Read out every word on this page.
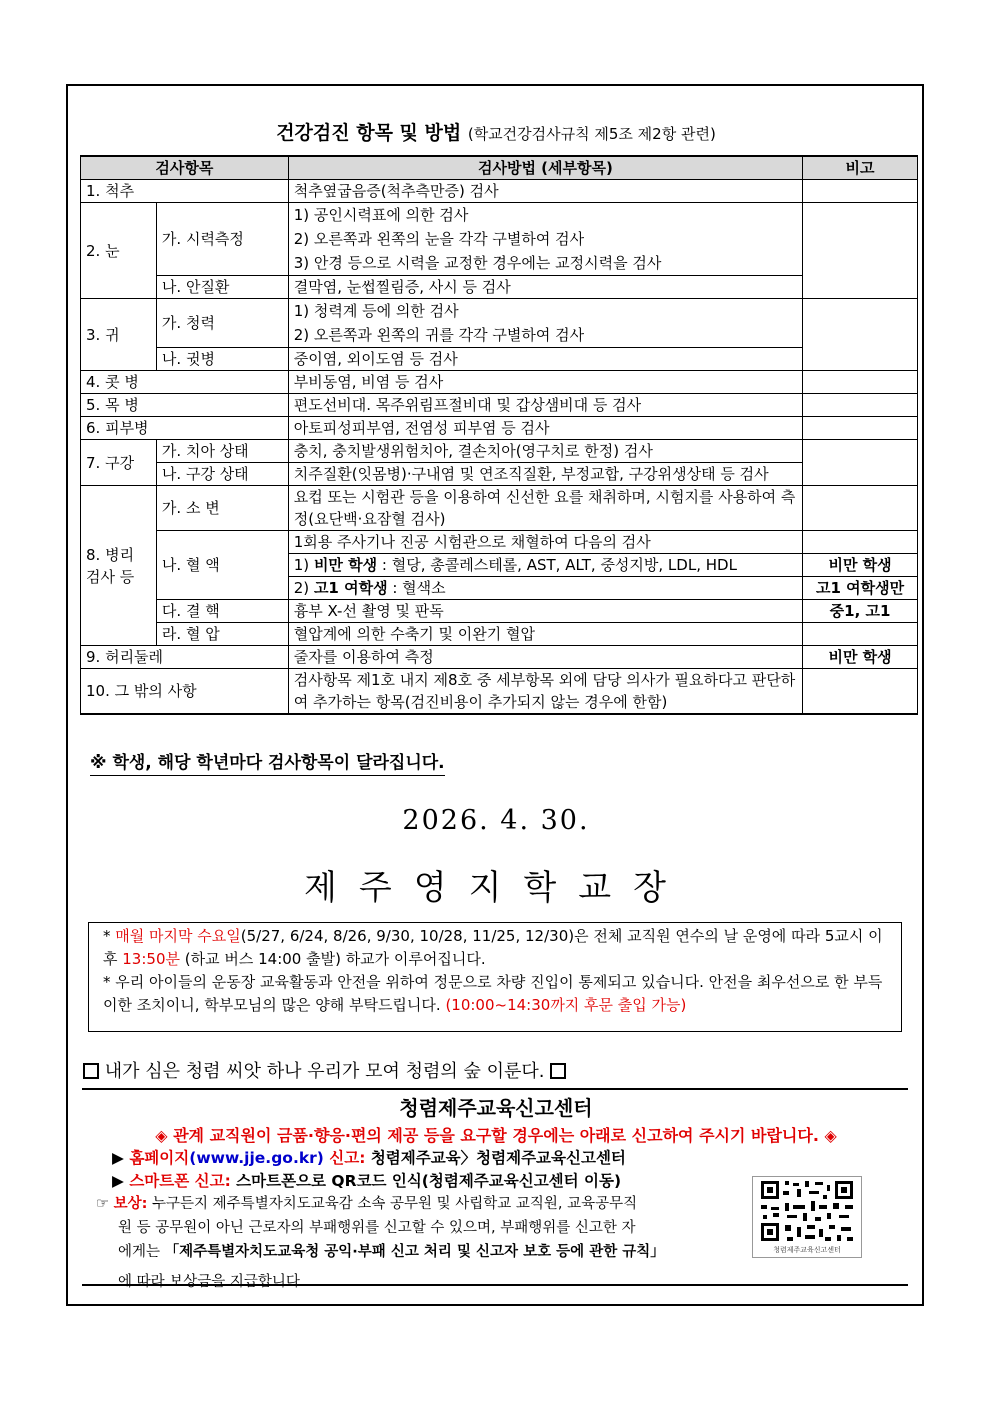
건강검진 항목 및 방법 (학교건강검사규칙 제5조 제2항 관련)
검사항목		검사방법 (세부항목)	비고
1. 척추		척추옆굽음증(척추측만증) 검사	
2. 눈	가. 시력측정	1) 공인시력표에 의한 검사
2) 오른쪽과 왼쪽의 눈을 각각 구별하여 검사
3) 안경 등으로 시력을 교정한 경우에는 교정시력을 검사	

	나. 안질환	결막염, 눈썹찔림증, 사시 등 검사	
3. 귀	가. 청력	1) 청력계 등에 의한 검사
2) 오른쪽과 왼쪽의 귀를 각각 구별하여 검사	

	나. 귓병	중이염, 외이도염 등 검사	
4. 콧 병		부비동염, 비염 등 검사	
5. 목 병		편도선비대. 목주위림프절비대 및 갑상샘비대 등 검사	
6. 피부병		아토피성피부염, 전염성 피부염 등 검사	
7. 구강	가. 치아 상태	충치, 충치발생위험치아, 결손치아(영구치로 한정) 검사	
	나. 구강 상태	치주질환(잇몸병)·구내염 및 연조직질환, 부정교합, 구강위생상태 등 검사	

8. 병리
검사 등	가. 소 변	요컵 또는 시험관 등을 이용하여 신선한 요를 채취하며, 시험지를 사용하여 측정(요단백·요잠혈 검사)	
	나. 혈 액	1회용 주사기나 진공 시험관으로 채혈하여 다음의 검사	
		1) 비만 학생 : 혈당, 총콜레스테롤, AST, ALT, 중성지방, LDL, HDL	비만 학생
		2) 고1 여학생 : 혈색소	고1 여학생만
	다. 결 핵	흉부 X-선 촬영 및 판독	중1, 고1
	라. 혈 압	혈압계에 의한 수축기 및 이완기 혈압	
9. 허리둘레		줄자를 이용하여 측정	비만 학생
10. 그 밖의 사항		검사항목 제1호 내지 제8호 중 세부항목 외에 담당 의사가 필요하다고 판단하여 추가하는 항목(검진비용이 추가되지 않는 경우에 한함)	
※ 학생, 해당 학년마다 검사항목이 달라집니다.
2026. 4. 30.
제주영지학교장

* 매월 마지막 수요일(5/27, 6/24, 8/26, 9/30, 10/28, 11/25, 12/30)은 전체 교직원 연수의 날 운영에 따라 5교시 이후 13:50분 (하교 버스 14:00 출발) 하교가 이루어집니다.

* 우리 아이들의 운동장 교육활동과 안전을 위하여 정문으로 차량 진입이 통제되고 있습니다. 안전을 최우선으로 한 부득이한 조치이니, 학부모님의 많은 양해 부탁드립니다. (10:00~14:30까지 후문 출입 가능)

내가 심은 청렴 씨앗 하나 우리가 모여 청렴의 숲 이룬다.
청렴제주교육신고센터
◈ 관계 교직원이 금품·향응·편의 제공 등을 요구할 경우에는 아래로 신고하여 주시기 바랍니다. ◈
▶ 홈페이지(www.jje.go.kr) 신고: 청렴제주교육〉청렴제주교육신고센터
▶ 스마트폰 신고: 스마트폰으로 QR코드 인식(청렴제주교육신고센터 이동)
☞ 보상: 누구든지 제주특별자치도교육감 소속 공무원 및 사립학교 교직원, 교육공무직
원 등 공무원이 아닌 근로자의 부패행위를 신고할 수 있으며, 부패행위를 신고한 자
에게는 「제주특별자치도교육청 공익·부패 신고 처리 및 신고자 보호 등에 관한 규칙」
에 따라 보상금을 지급합니다.
청렴제주교육신고센터
